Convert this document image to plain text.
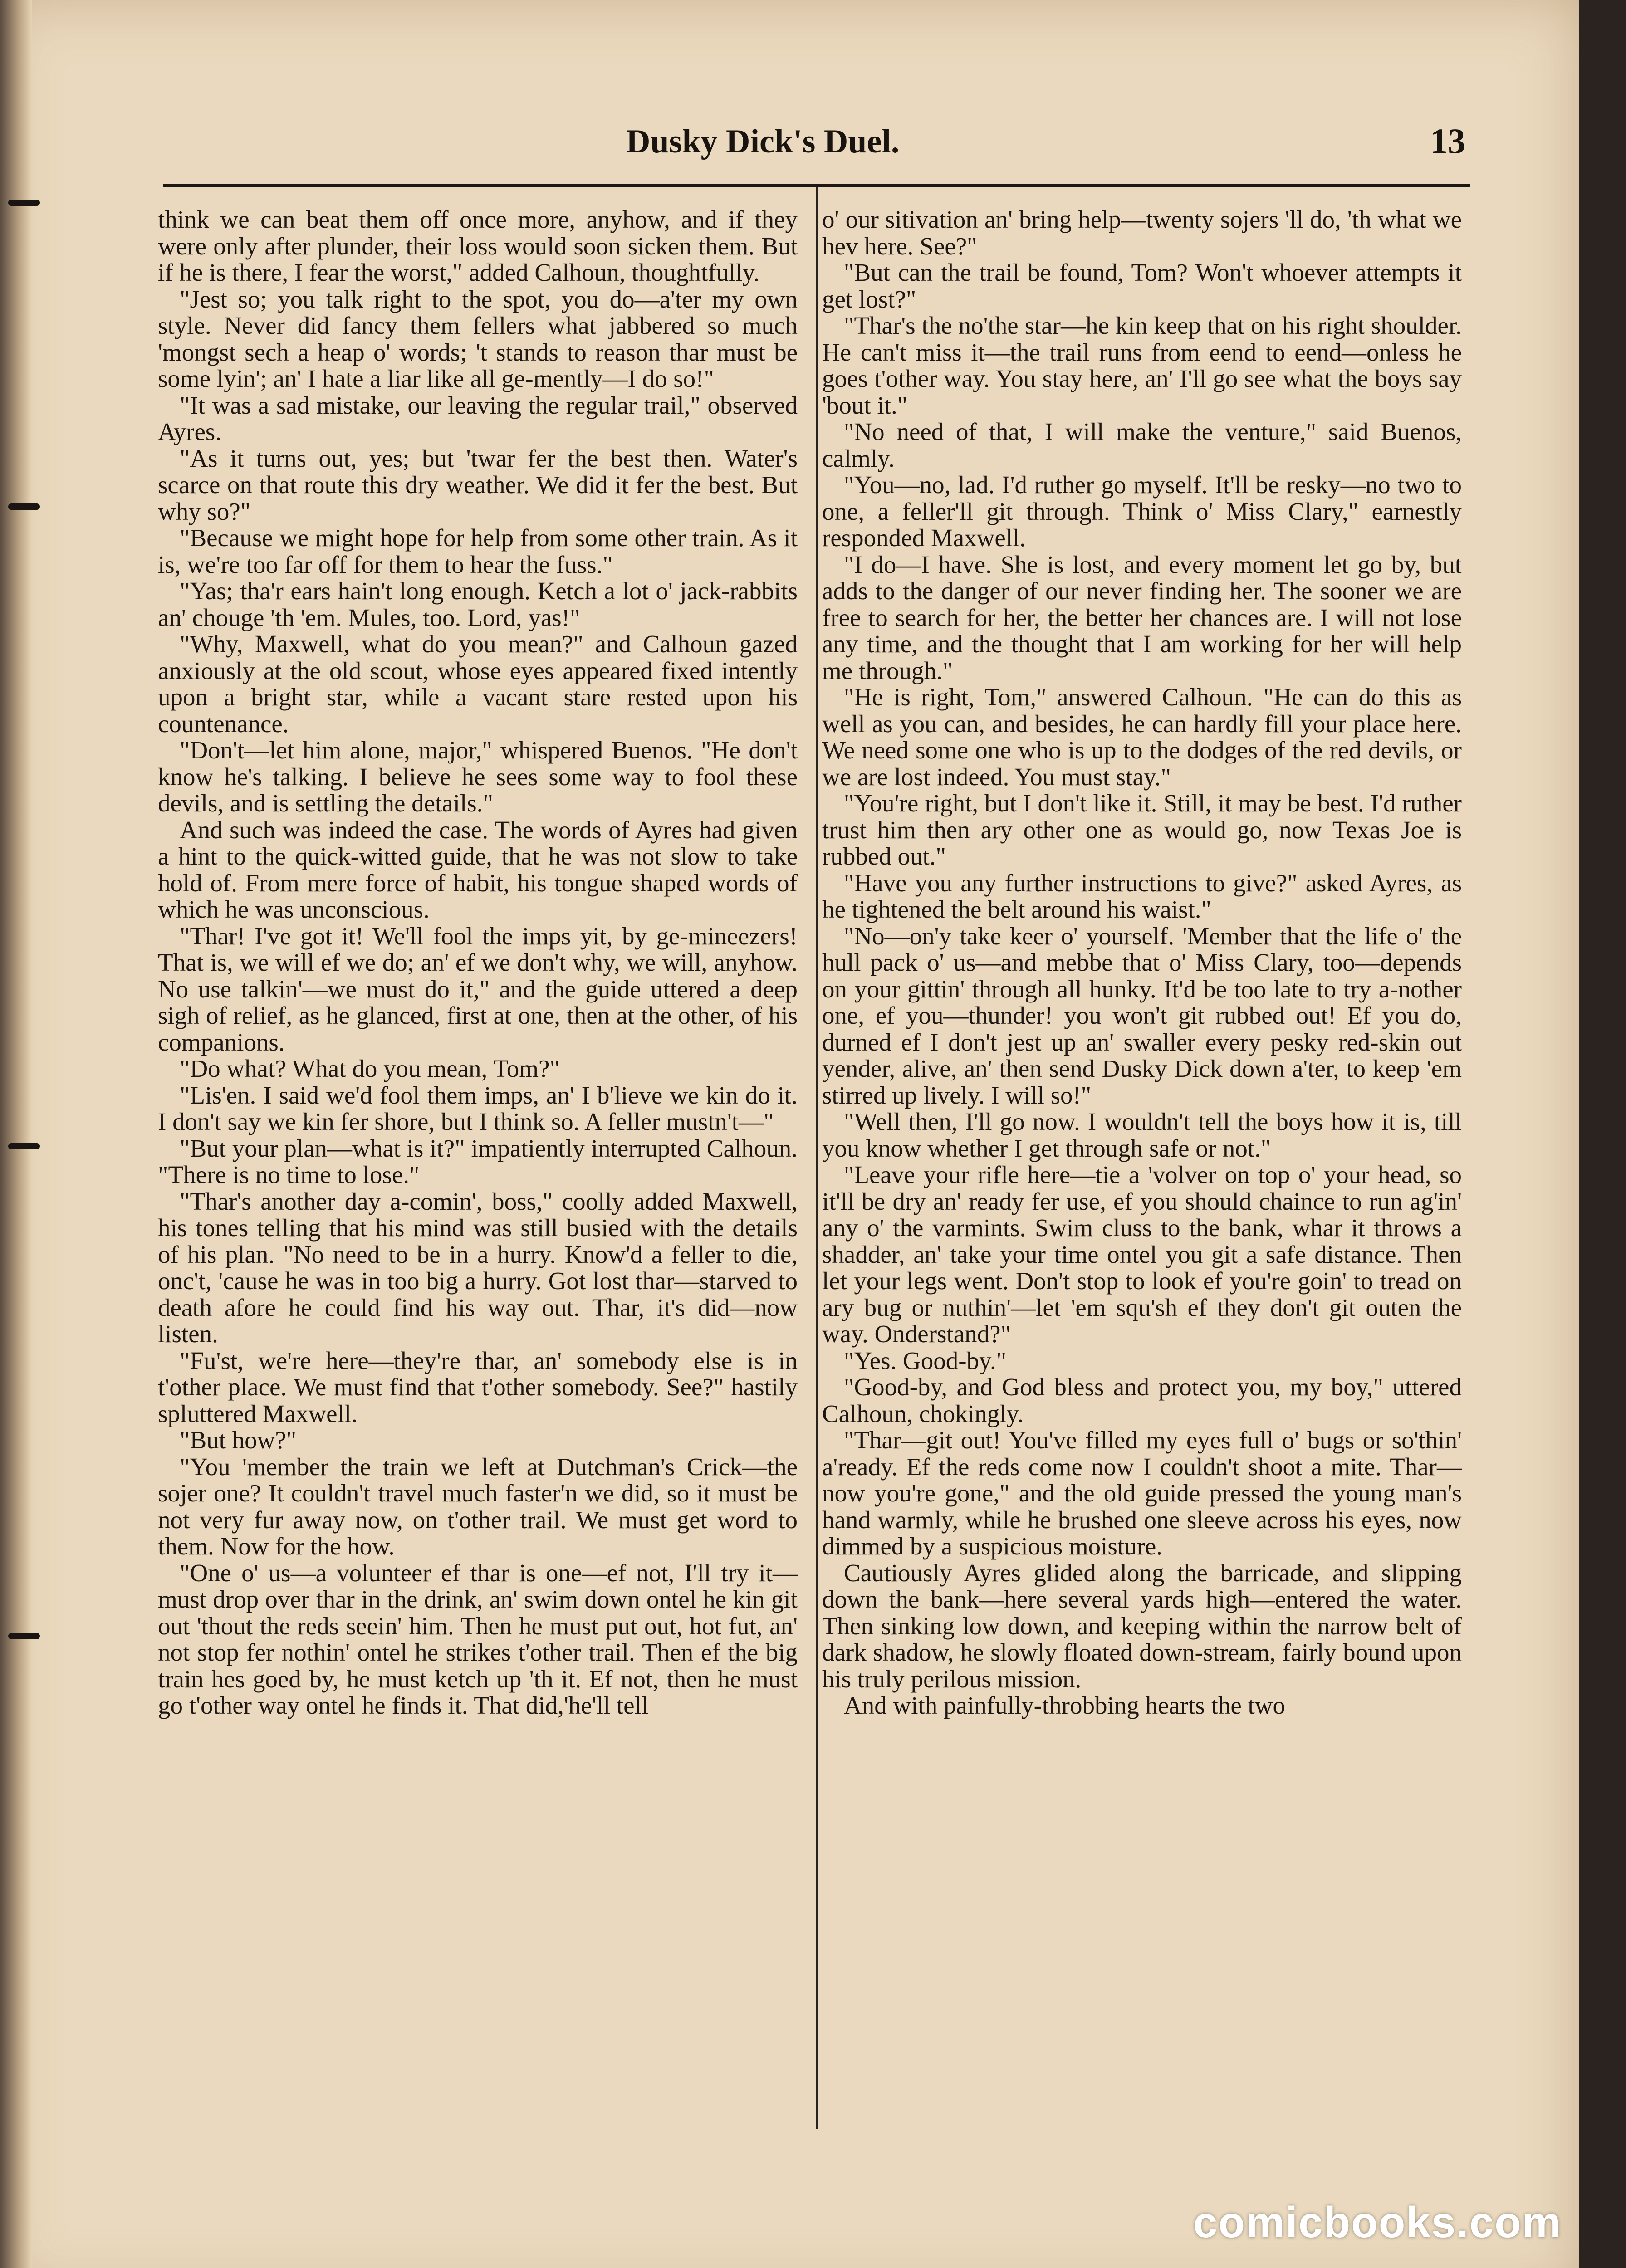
Dusky Dick's Duel.	13

think we can beat them off once more, anyhow, and if they were only after plunder, their loss would soon sicken them. But if he is there, I fear the worst," added Calhoun, thoughtfully.

"Jest so; you talk right to the spot, you do—a'ter my own style. Never did fancy them fellers what jabbered so much 'mongst sech a heap o' words; 't stands to reason thar must be some lyin'; an' I hate a liar like all ge-mently—I do so!"

"It was a sad mistake, our leaving the regular trail," observed Ayres.

"As it turns out, yes; but 'twar fer the best then. Water's scarce on that route this dry weather. We did it fer the best. But why so?"

"Because we might hope for help from some other train. As it is, we're too far off for them to hear the fuss."

"Yas; tha'r ears hain't long enough. Ketch a lot o' jack-rabbits an' chouge 'th 'em. Mules, too. Lord, yas!"

"Why, Maxwell, what do you mean?" and Calhoun gazed anxiously at the old scout, whose eyes appeared fixed intently upon a bright star, while a vacant stare rested upon his countenance.

"Don't—let him alone, major," whispered Buenos. "He don't know he's talking. I believe he sees some way to fool these devils, and is settling the details."

And such was indeed the case. The words of Ayres had given a hint to the quick-witted guide, that he was not slow to take hold of. From mere force of habit, his tongue shaped words of which he was unconscious.

"Thar! I've got it! We'll fool the imps yit, by ge-mineezers! That is, we will ef we do; an' ef we don't why, we will, anyhow. No use talkin'—we must do it," and the guide uttered a deep sigh of relief, as he glanced, first at one, then at the other, of his companions.

"Do what? What do you mean, Tom?"

"Lis'en. I said we'd fool them imps, an' I b'lieve we kin do it. I don't say we kin fer shore, but I think so. A feller mustn't—"

"But your plan—what is it?" impatiently interrupted Calhoun. "There is no time to lose."

"Thar's another day a-comin', boss," coolly added Maxwell, his tones telling that his mind was still busied with the details of his plan. "No need to be in a hurry. Know'd a feller to die, onc't, 'cause he was in too big a hurry. Got lost thar—starved to death afore he could find his way out. Thar, it's did—now listen.

"Fu'st, we're here—they're thar, an' somebody else is in t'other place. We must find that t'other somebody. See?" hastily spluttered Maxwell.

"But how?"

"You 'member the train we left at Dutchman's Crick—the sojer one? It couldn't travel much faster'n we did, so it must be not very fur away now, on t'other trail. We must get word to them. Now for the how.

"One o' us—a volunteer ef thar is one—ef not, I'll try it—must drop over thar in the drink, an' swim down ontel he kin git out 'thout the reds seein' him. Then he must put out, hot fut, an' not stop fer nothin' ontel he strikes t'other trail. Then ef the big train hes goed by, he must ketch up 'th it. Ef not, then he must go t'other way ontel he finds it. That did,'he'll tell

o' our sitivation an' bring help—twenty sojers 'll do, 'th what we hev here. See?"

"But can the trail be found, Tom? Won't whoever attempts it get lost?"

"Thar's the no'the star—he kin keep that on his right shoulder. He can't miss it—the trail runs from eend to eend—onless he goes t'other way. You stay here, an' I'll go see what the boys say 'bout it."

"No need of that, I will make the venture," said Buenos, calmly.

"You—no, lad. I'd ruther go myself. It'll be resky—no two to one, a feller'll git through. Think o' Miss Clary," earnestly responded Maxwell.

"I do—I have. She is lost, and every moment let go by, but adds to the danger of our never finding her. The sooner we are free to search for her, the better her chances are. I will not lose any time, and the thought that I am working for her will help me through."

"He is right, Tom," answered Calhoun. "He can do this as well as you can, and besides, he can hardly fill your place here. We need some one who is up to the dodges of the red devils, or we are lost indeed. You must stay."

"You're right, but I don't like it. Still, it may be best. I'd ruther trust him then ary other one as would go, now Texas Joe is rubbed out."

"Have you any further instructions to give?" asked Ayres, as he tightened the belt around his waist."

"No—on'y take keer o' yourself. 'Member that the life o' the hull pack o' us—and mebbe that o' Miss Clary, too—depends on your gittin' through all hunky. It'd be too late to try a-nother one, ef you—thunder! you won't git rubbed out! Ef you do, durned ef I don't jest up an' swaller every pesky red-skin out yender, alive, an' then send Dusky Dick down a'ter, to keep 'em stirred up lively. I will so!"

"Well then, I'll go now. I wouldn't tell the boys how it is, till you know whether I get through safe or not."

"Leave your rifle here—tie a 'volver on top o' your head, so it'll be dry an' ready fer use, ef you should chaince to run ag'in' any o' the varmints. Swim cluss to the bank, whar it throws a shadder, an' take your time ontel you git a safe distance. Then let your legs went. Don't stop to look ef you're goin' to tread on ary bug or nuthin'—let 'em squ'sh ef they don't git outen the way. Onderstand?"

"Yes. Good-by."

"Good-by, and God bless and protect you, my boy," uttered Calhoun, chokingly.

"Thar—git out! You've filled my eyes full o' bugs or so'thin' a'ready. Ef the reds come now I couldn't shoot a mite. Thar—now you're gone," and the old guide pressed the young man's hand warmly, while he brushed one sleeve across his eyes, now dimmed by a suspicious moisture.

Cautiously Ayres glided along the barricade, and slipping down the bank—here several yards high—entered the water. Then sinking low down, and keeping within the narrow belt of dark shadow, he slowly floated down-stream, fairly bound upon his truly perilous mission.

And with painfully-throbbing hearts the two

comicbooks.com
